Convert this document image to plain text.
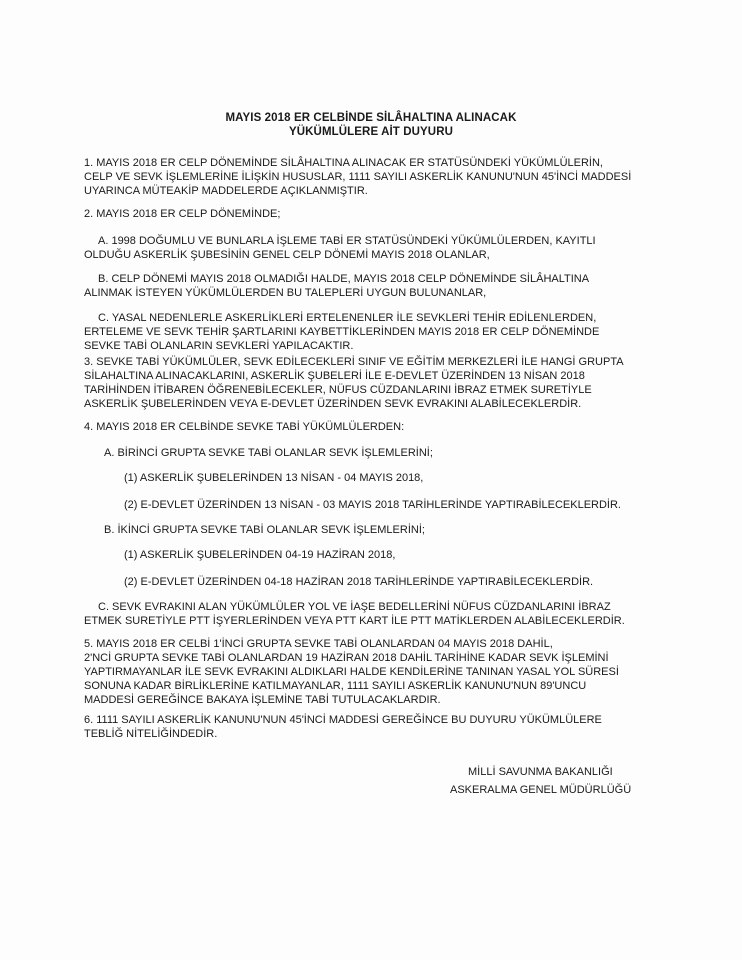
MAYIS 2018 ER CELBİNDE SİLÂHALTINA ALINACAK
YÜKÜMLÜLERE AİT DUYURU
1. MAYIS 2018 ER CELP DÖNEMİNDE SİLÂHALTINA ALINACAK ER STATÜSÜNDEKİ YÜKÜMLÜLERİN,
CELP VE SEVK İŞLEMLERİNE İLİŞKİN HUSUSLAR, 1111 SAYILI ASKERLİK KANUNU'NUN 45'İNCİ MADDESİ
UYARINCA MÜTEAKİP MADDELERDE AÇIKLANMIŞTIR.
2. MAYIS 2018 ER CELP DÖNEMİNDE;
A. 1998 DOĞUMLU VE BUNLARLA İŞLEME TABİ ER STATÜSÜNDEKİ YÜKÜMLÜLERDEN, KAYITLI
OLDUĞU ASKERLİK ŞUBESİNİN GENEL CELP DÖNEMİ MAYIS 2018 OLANLAR,
B. CELP DÖNEMİ MAYIS 2018 OLMADIĞI HALDE, MAYIS 2018 CELP DÖNEMİNDE SİLÂHALTINA
ALINMAK İSTEYEN YÜKÜMLÜLERDEN BU TALEPLERİ UYGUN BULUNANLAR,
C. YASAL NEDENLERLE ASKERLİKLERİ ERTELENENLER İLE SEVKLERİ TEHİR EDİLENLERDEN,
ERTELEME VE SEVK TEHİR ŞARTLARINI KAYBETTİKLERİNDEN MAYIS 2018 ER CELP DÖNEMİNDE
SEVKE TABİ OLANLARIN SEVKLERİ YAPILACAKTIR.
3. SEVKE TABİ YÜKÜMLÜLER, SEVK EDİLECEKLERİ SINIF VE EĞİTİM MERKEZLERİ İLE HANGİ GRUPTA
SİLAHALTINA ALINACAKLARINI, ASKERLİK ŞUBELERİ İLE E-DEVLET ÜZERİNDEN 13 NİSAN 2018
TARİHİNDEN İTİBAREN ÖĞRENEBİLECEKLER, NÜFUS CÜZDANLARINI İBRAZ ETMEK SURETİYLE
ASKERLİK ŞUBELERİNDEN VEYA E-DEVLET ÜZERİNDEN SEVK EVRAKINI ALABİLECEKLERDİR.
4. MAYIS 2018 ER CELBİNDE SEVKE TABİ YÜKÜMLÜLERDEN:
A. BİRİNCİ GRUPTA SEVKE TABİ OLANLAR SEVK İŞLEMLERİNİ;
(1) ASKERLİK ŞUBELERİNDEN 13 NİSAN - 04 MAYIS 2018,
(2) E-DEVLET ÜZERİNDEN 13 NİSAN - 03 MAYIS 2018 TARİHLERİNDE YAPTIRABİLECEKLERDİR.
B. İKİNCİ GRUPTA SEVKE TABİ OLANLAR SEVK İŞLEMLERİNİ;
(1) ASKERLİK ŞUBELERİNDEN 04-19 HAZİRAN 2018,
(2) E-DEVLET ÜZERİNDEN 04-18 HAZİRAN 2018 TARİHLERİNDE YAPTIRABİLECEKLERDİR.
C. SEVK EVRAKINI ALAN YÜKÜMLÜLER YOL VE İAŞE BEDELLERİNİ NÜFUS CÜZDANLARINI İBRAZ
ETMEK SURETİYLE PTT İŞYERLERİNDEN VEYA PTT KART İLE PTT MATİKLERDEN ALABİLECEKLERDİR.
5. MAYIS 2018 ER CELBİ 1'İNCİ GRUPTA SEVKE TABİ OLANLARDAN 04 MAYIS 2018 DAHİL,
2'NCİ GRUPTA SEVKE TABİ OLANLARDAN 19 HAZİRAN 2018 DAHİL TARİHİNE KADAR SEVK İŞLEMİNİ
YAPTIRMAYANLAR İLE SEVK EVRAKINI ALDIKLARI HALDE KENDİLERİNE TANINAN YASAL YOL SÜRESİ
SONUNA KADAR BİRLİKLERİNE KATILMAYANLAR, 1111 SAYILI ASKERLİK KANUNU'NUN 89'UNCU
MADDESİ GEREĞİNCE BAKAYA İŞLEMİNE TABİ TUTULACAKLARDIR.
6. 1111 SAYILI ASKERLİK KANUNU'NUN 45'İNCİ MADDESİ GEREĞİNCE BU DUYURU YÜKÜMLÜLERE
TEBLİĞ NİTELİĞİNDEDİR.
MİLLİ SAVUNMA BAKANLIĞI
ASKERALMA GENEL MÜDÜRLÜĞÜ
